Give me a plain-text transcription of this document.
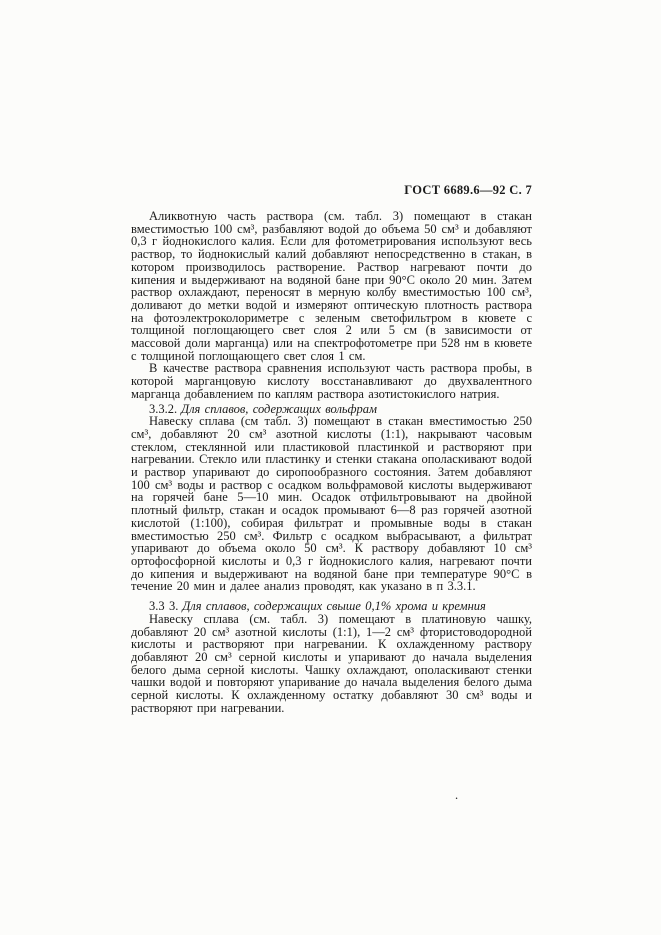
ГОСТ 6689.6—92 С. 7

Аликвотную часть раствора (см. табл. 3) помещают в стакан вместимостью 100 см³, разбавляют водой до объема 50 см³ и добавляют 0,3 г йоднокислого калия. Если для фотометрирования используют весь раствор, то йоднокислый калий добавляют непосредственно в стакан, в котором производилось растворение. Раствор нагревают почти до кипения и выдерживают на водяной бане при 90°С около 20 мин. Затем раствор охлаждают, переносят в мерную колбу вместимостью 100 см³, доливают до метки водой и измеряют оптическую плотность раствора на фотоэлектроколориметре с зеленым светофильтром в кювете с толщиной поглощающего свет слоя 2 или 5 см (в зависимости от массовой доли марганца) или на спектрофотометре при 528 нм в кювете с толщиной поглощающего свет слоя 1 см.

В качестве раствора сравнения используют часть раствора пробы, в которой марганцовую кислоту восстанавливают до двухвалентного марганца добавлением по каплям раствора азотистокислого натрия.

3.3.2. Для сплавов, содержащих вольфрам

Навеску сплава (см табл. 3) помещают в стакан вместимостью 250 см³, добавляют 20 см³ азотной кислоты (1:1), накрывают часовым стеклом, стеклянной или пластиковой пластинкой и растворяют при нагревании. Стекло или пластинку и стенки стакана ополаскивают водой и раствор упаривают до сиропообразного состояния. Затем добавляют 100 см³ воды и раствор с осадком вольфрамовой кислоты выдерживают на горячей бане 5—10 мин. Осадок отфильтровывают на двойной плотный фильтр, стакан и осадок промывают 6—8 раз горячей азотной кислотой (1:100), собирая фильтрат и промывные воды в стакан вместимостью 250 см³. Фильтр с осадком выбрасывают, а фильтрат упаривают до объема около 50 см³. К раствору добавляют 10 см³ ортофосфорной кислоты и 0,3 г йоднокислого калия, нагревают почти до кипения и выдерживают на водяной бане при температуре 90°С в течение 20 мин и далее анализ проводят, как указано в п 3.3.1.

3.3 3. Для сплавов, содержащих свыше 0,1% хрома и кремния

Навеску сплава (см. табл. 3) помещают в платиновую чашку, добавляют 20 см³ азотной кислоты (1:1), 1—2 см³ фтористоводородной кислоты и растворяют при нагревании. К охлажденному раствору добавляют 20 см³ серной кислоты и упаривают до начала выделения белого дыма серной кислоты. Чашку охлаждают, ополаскивают стенки чашки водой и повторяют упаривание до начала выделения белого дыма серной кислоты. К охлажденному остатку добавляют 30 см³ воды и растворяют при нагревании.

.
